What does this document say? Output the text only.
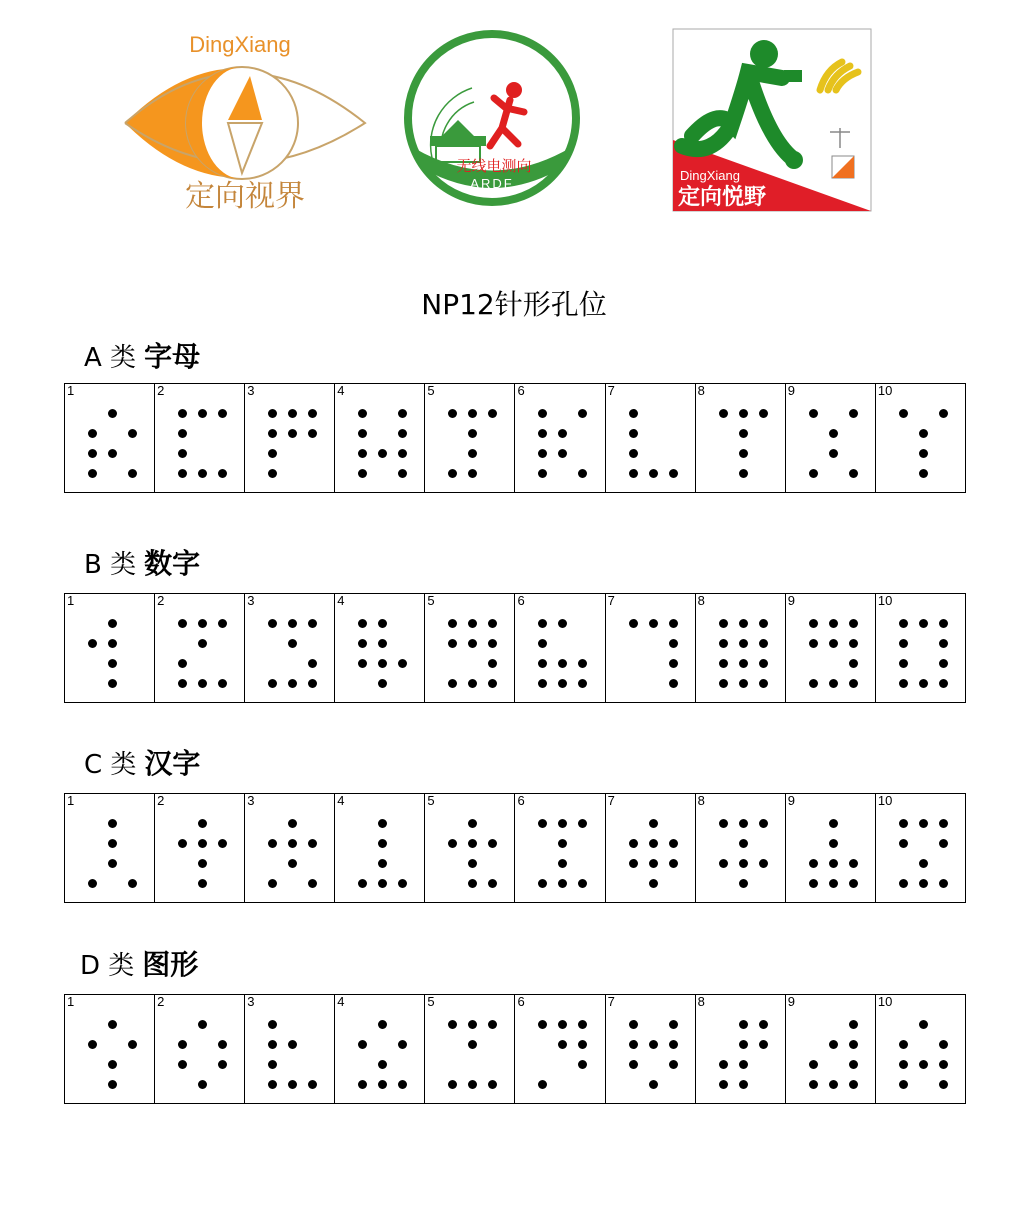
DingXiang
定向视界
无线电测向
ARDF
DingXiang
定向悦野
NP12针形孔位
A 类 字母
1	2	3	4	5	6	7	8	9	10
B 类 数字
1	2	3	4	5	6	7	8	9	10
C 类 汉字
1	2	3	4	5	6	7	8	9	10
D 类 图形
1	2	3	4	5	6	7	8	9	10
